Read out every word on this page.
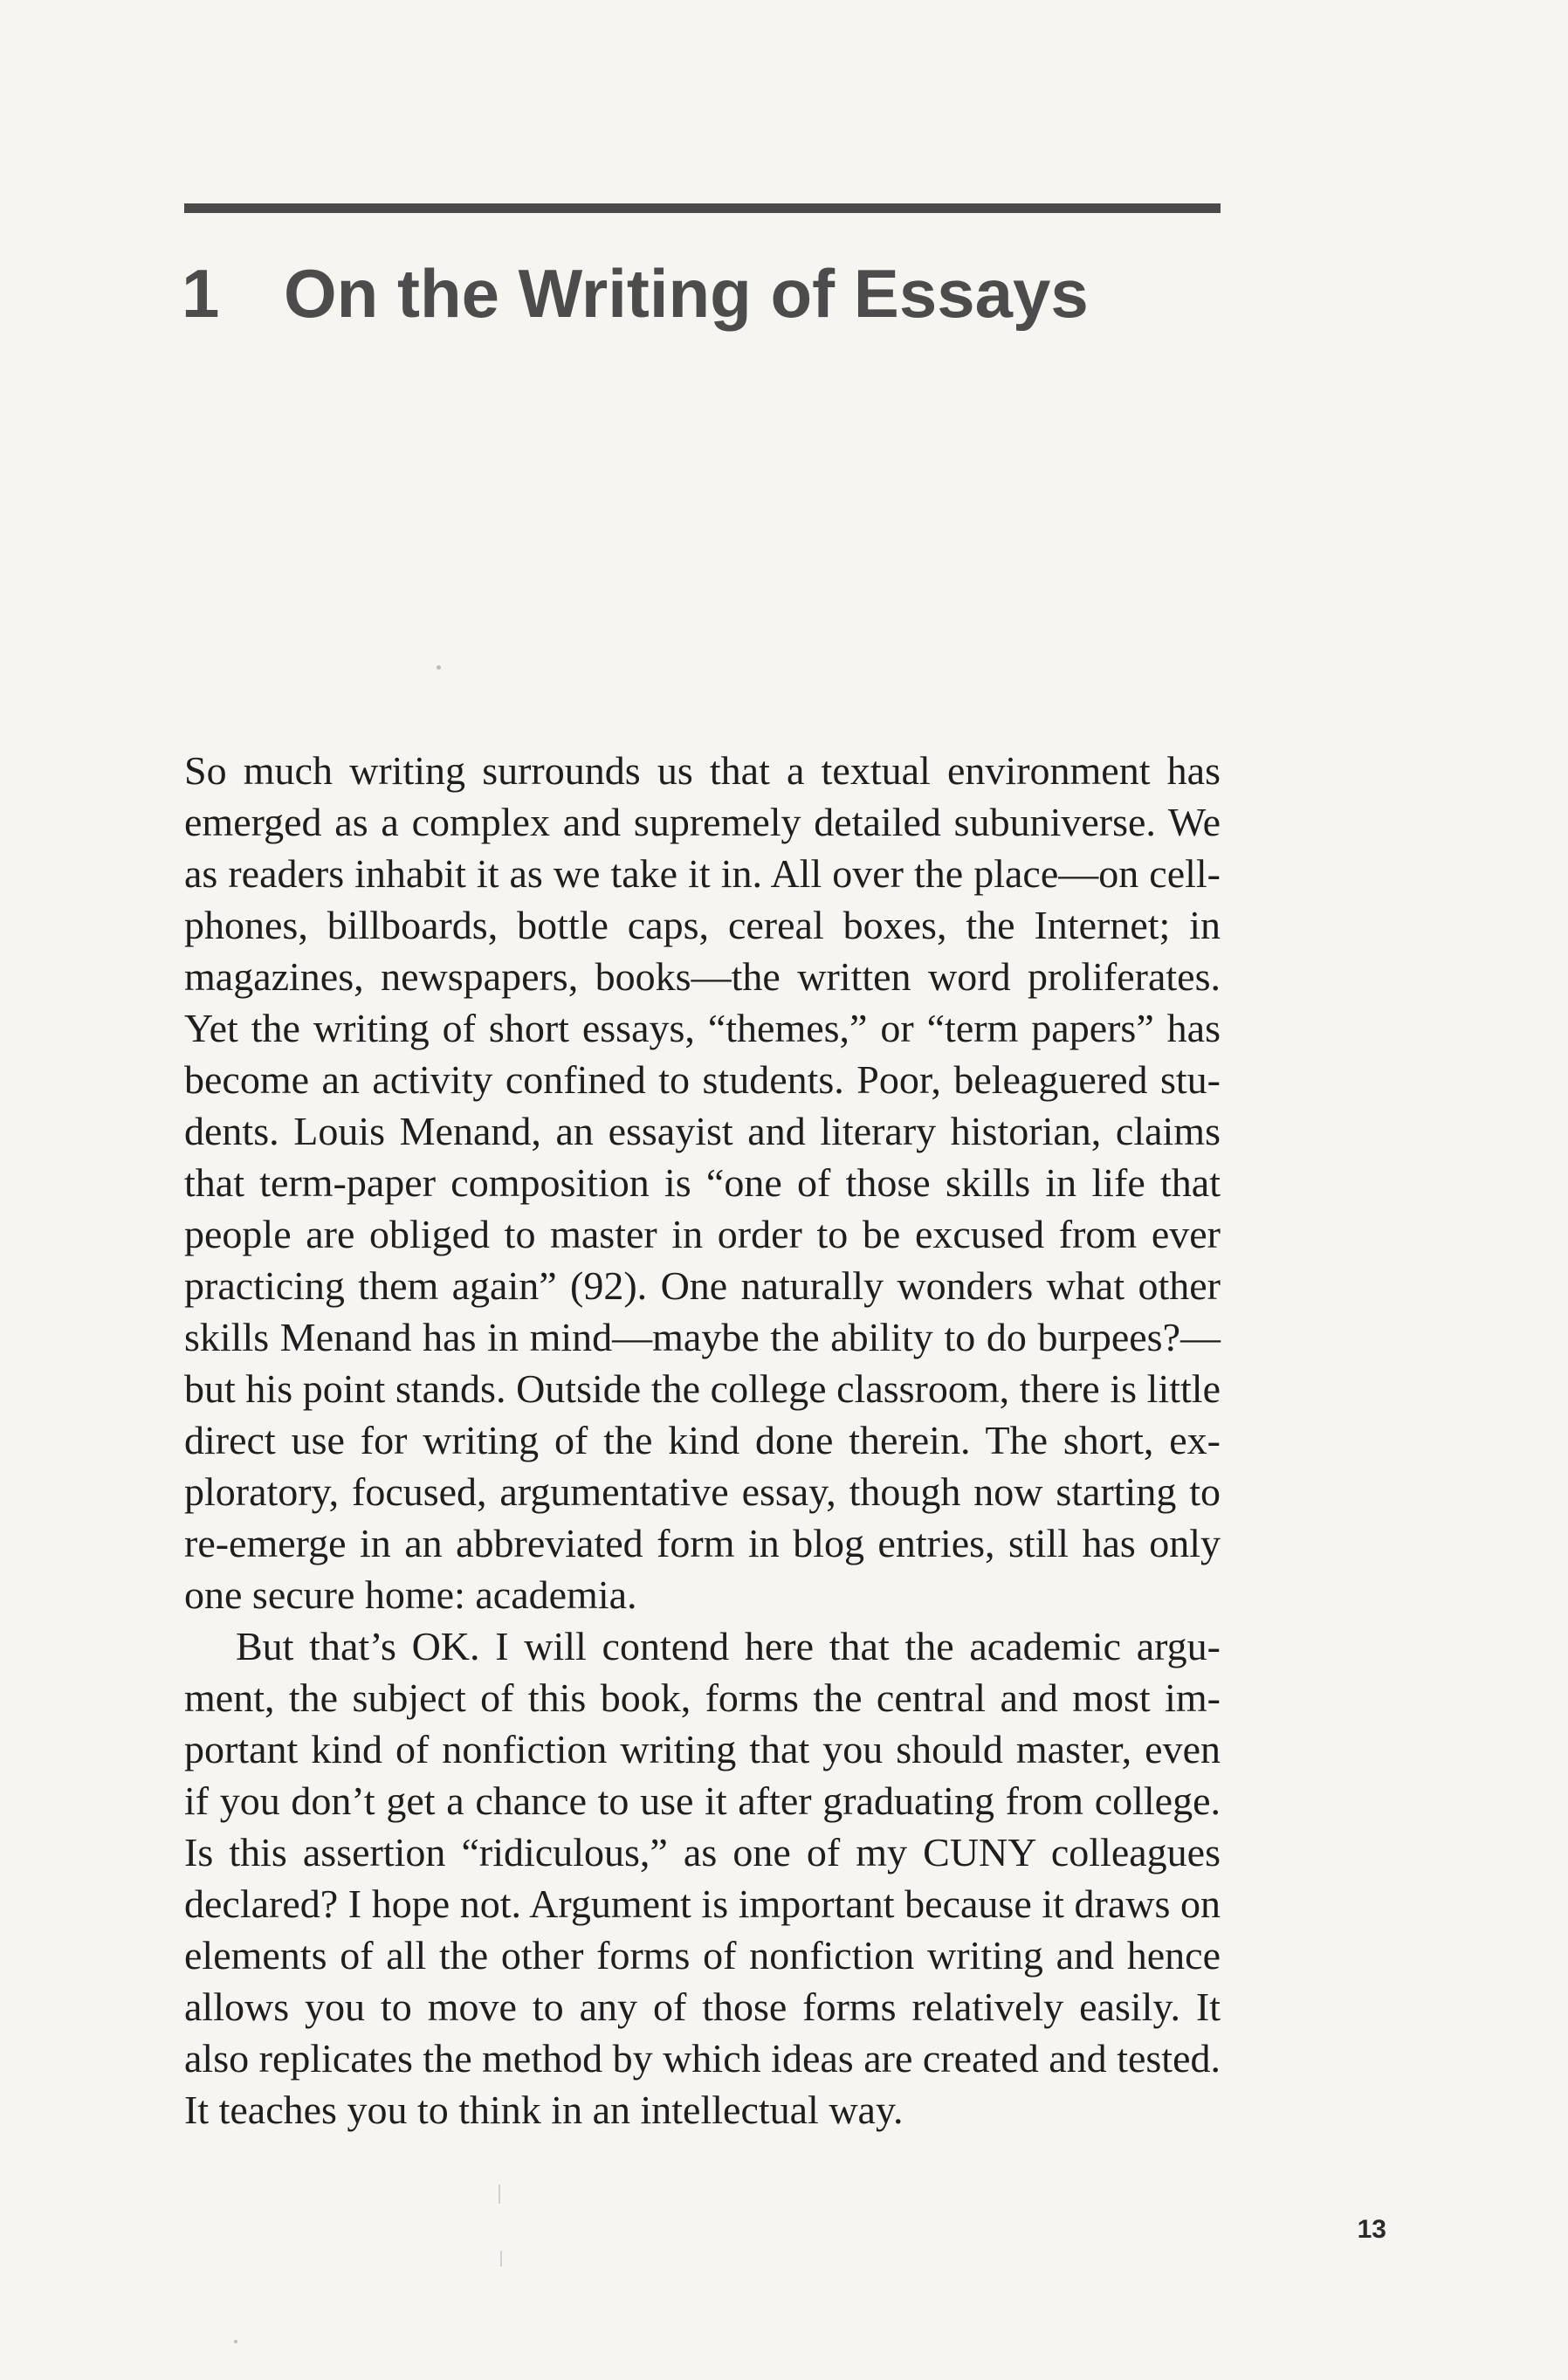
1 On the Writing of Essays

So much writing surrounds us that a textual environment has emerged as a complex and supremely detailed subuniverse. We as readers inhabit it as we take it in. All over the place—on cellphones, billboards, bottle caps, cereal boxes, the Internet; in magazines, newspapers, books—the written word proliferates. Yet the writing of short essays, “themes,” or “term papers” has become an activity confined to students. Poor, beleaguered students. Louis Menand, an essayist and literary historian, claims that term-paper composition is “one of those skills in life that people are obliged to master in order to be excused from ever practicing them again” (92). One naturally wonders what other skills Menand has in mind—maybe the ability to do burpees?— but his point stands. Outside the college classroom, there is little direct use for writing of the kind done therein. The short, exploratory, focused, argumentative essay, though now starting to re-emerge in an abbreviated form in blog entries, still has only one secure home: academia.

But that’s OK. I will contend here that the academic argument, the subject of this book, forms the central and most important kind of nonfiction writing that you should master, even if you don’t get a chance to use it after graduating from college. Is this assertion “ridiculous,” as one of my CUNY colleagues declared? I hope not. Argument is important because it draws on elements of all the other forms of nonfiction writing and hence allows you to move to any of those forms relatively easily. It also replicates the method by which ideas are created and tested. It teaches you to think in an intellectual way.

13
